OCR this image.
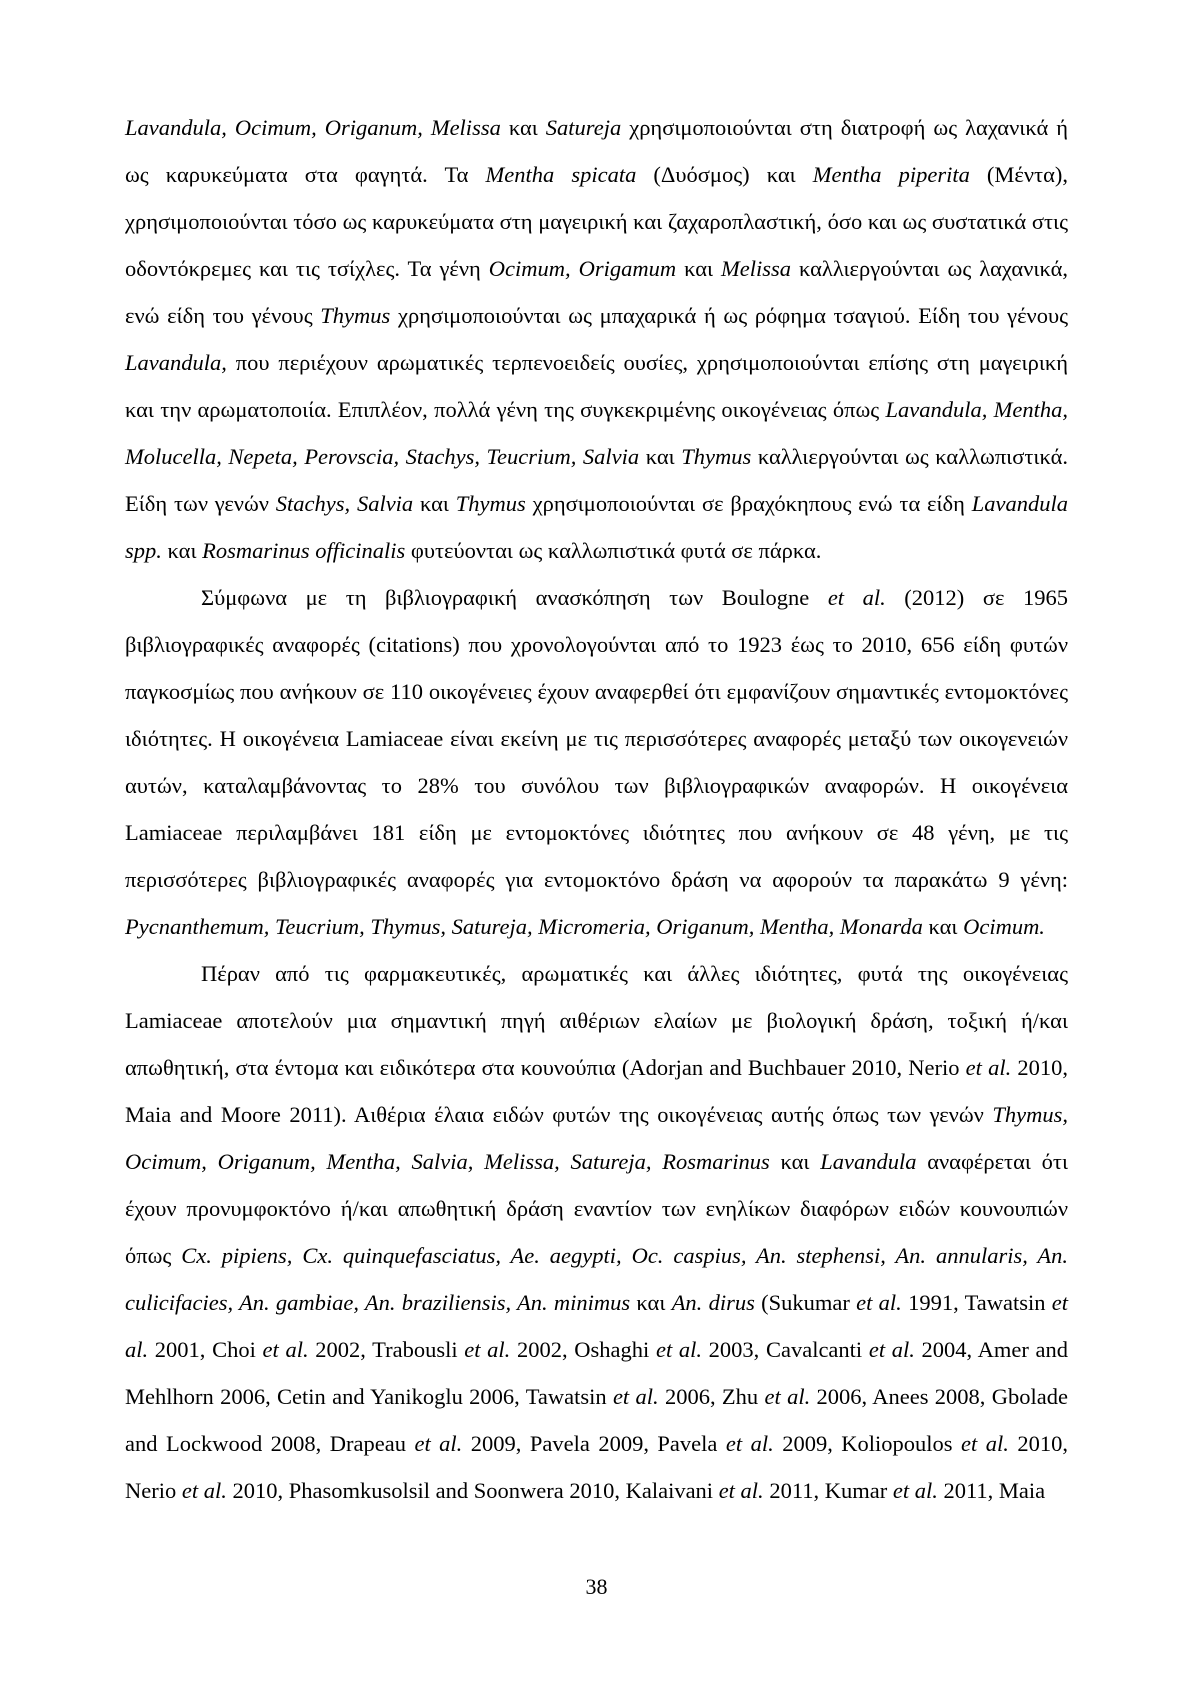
Lavandula, Ocimum, Origanum, Melissa και Satureja χρησιμοποιούνται στη διατροφή ως λαχανικά ή ως καρυκεύματα στα φαγητά. Τα Mentha spicata (Δυόσμος) και Mentha piperita (Μέντα), χρησιμοποιούνται τόσο ως καρυκεύματα στη μαγειρική και ζαχαροπλαστική, όσο και ως συστατικά στις οδοντόκρεμες και τις τσίχλες. Τα γένη Ocimum, Origamum και Melissa καλλιεργούνται ως λαχανικά, ενώ είδη του γένους Thymus χρησιμοποιούνται ως μπαχαρικά ή ως ρόφημα τσαγιού. Είδη του γένους Lavandula, που περιέχουν αρωματικές τερπενοειδείς ουσίες, χρησιμοποιούνται επίσης στη μαγειρική και την αρωματοποιία. Επιπλέον, πολλά γένη της συγκεκριμένης οικογένειας όπως Lavandula, Mentha, Molucella, Nepeta, Perovscia, Stachys, Teucrium, Salvia και Thymus καλλιεργούνται ως καλλωπιστικά. Είδη των γενών Stachys, Salvia και Thymus χρησιμοποιούνται σε βραχόκηπους ενώ τα είδη Lavandula spp. και Rosmarinus officinalis φυτεύονται ως καλλωπιστικά φυτά σε πάρκα.

Σύμφωνα με τη βιβλιογραφική ανασκόπηση των Boulogne et al. (2012) σε 1965 βιβλιογραφικές αναφορές (citations) που χρονολογούνται από το 1923 έως το 2010, 656 είδη φυτών παγκοσμίως που ανήκουν σε 110 οικογένειες έχουν αναφερθεί ότι εμφανίζουν σημαντικές εντομοκτόνες ιδιότητες. Η οικογένεια Lamiaceae είναι εκείνη με τις περισσότερες αναφορές μεταξύ των οικογενειών αυτών, καταλαμβάνοντας το 28% του συνόλου των βιβλιογραφικών αναφορών. Η οικογένεια Lamiaceae περιλαμβάνει 181 είδη με εντομοκτόνες ιδιότητες που ανήκουν σε 48 γένη, με τις περισσότερες βιβλιογραφικές αναφορές για εντομοκτόνο δράση να αφορούν τα παρακάτω 9 γένη: Pycnanthemum, Teucrium, Thymus, Satureja, Micromeria, Origanum, Mentha, Monarda και Ocimum.

Πέραν από τις φαρμακευτικές, αρωματικές και άλλες ιδιότητες, φυτά της οικογένειας Lamiaceae αποτελούν μια σημαντική πηγή αιθέριων ελαίων με βιολογική δράση, τοξική ή/και απωθητική, στα έντομα και ειδικότερα στα κουνούπια (Adorjan and Buchbauer 2010, Nerio et al. 2010, Maia and Moore 2011). Αιθέρια έλαια ειδών φυτών της οικογένειας αυτής όπως των γενών Thymus, Ocimum, Origanum, Mentha, Salvia, Melissa, Satureja, Rosmarinus και Lavandula αναφέρεται ότι έχουν προνυμφοκτόνο ή/και απωθητική δράση εναντίον των ενηλίκων διαφόρων ειδών κουνουπιών όπως Cx. pipiens, Cx. quinquefasciatus, Ae. aegypti, Oc. caspius, An. stephensi, An. annularis, An. culicifacies, An. gambiae, An. braziliensis, An. minimus και An. dirus (Sukumar et al. 1991, Tawatsin et al. 2001, Choi et al. 2002, Trabousli et al. 2002, Oshaghi et al. 2003, Cavalcanti et al. 2004, Amer and Mehlhorn 2006, Cetin and Yanikoglu 2006, Tawatsin et al. 2006, Zhu et al. 2006, Anees 2008, Gbolade and Lockwood 2008, Drapeau et al. 2009, Pavela 2009, Pavela et al. 2009, Koliopoulos et al. 2010, Nerio et al. 2010, Phasomkusolsil and Soonwera 2010, Kalaivani et al. 2011, Kumar et al. 2011, Maia

38
